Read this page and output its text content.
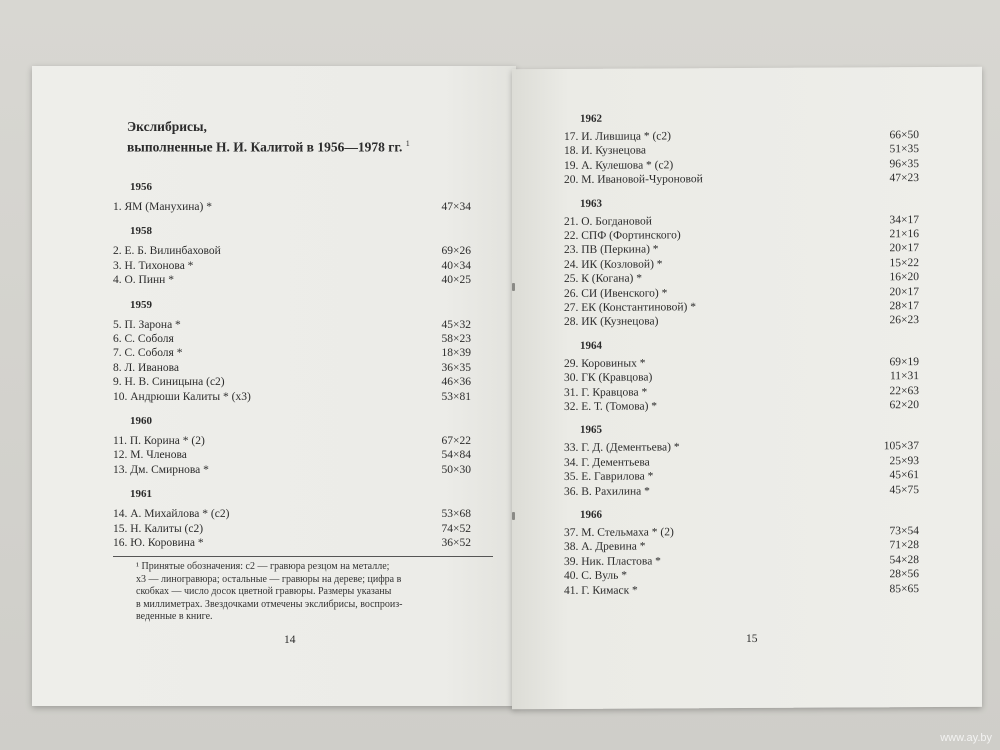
Экслибрисы,
выполненные Н. И. Калитой в 1956—1978 гг. $^1$
1956
1. ЯМ (Манухина) *	47×34
1958
2. Е. Б. Вилинбаховой	69×26
3. Н. Тихонова *	40×34
4. О. Пинн *	40×25
1959
5. П. Зарона *	45×32
6. С. Соболя	58×23
7. С. Соболя *	18×39
8. Л. Иванова	36×35
9. Н. В. Синицына (с2)	46×36
10. Андрюши Калиты * (х3)	53×81
1960
11. П. Корина * (2)	67×22
12. М. Членова	54×84
13. Дм. Смирнова *	50×30
1961
14. А. Михайлова * (с2)	53×68
15. Н. Калиты (с2)	74×52
16. Ю. Коровина *	36×52
¹ Принятые обозначения: с2 — гравюра резцом на металле;
х3 — линогравюра; остальные — гравюры на дереве; цифра в
скобках — число досок цветной гравюры. Размеры указаны
в миллиметрах. Звездочками отмечены экслибрисы, воспроиз-
веденные в книге.
14
1962
17. И. Лившица * (с2)	66×50
18. И. Кузнецова	51×35
19. А. Кулешова * (с2)	96×35
20. М. Ивановой-Чуроновой	47×23
1963
21. О. Богдановой	34×17
22. СПФ (Фортинского)	21×16
23. ПВ (Перкина) *	20×17
24. ИК (Козловой) *	15×22
25. К (Когана) *	16×20
26. СИ (Ивенского) *	20×17
27. ЕК (Константиновой) *	28×17
28. ИК (Кузнецова)	26×23
1964
29. Коровиных *	69×19
30. ГК (Кравцова)	11×31
31. Г. Кравцова *	22×63
32. Е. Т. (Томова) *	62×20
1965
33. Г. Д. (Дементьева) *	105×37
34. Г. Дементьева	25×93
35. Е. Гаврилова *	45×61
36. В. Рахилина *	45×75
1966
37. М. Стельмаха * (2)	73×54
38. А. Древина *	71×28
39. Ник. Пластова *	54×28
40. С. Вуль *	28×56
41. Г. Кимаск *	85×65
15
www.ay.by
